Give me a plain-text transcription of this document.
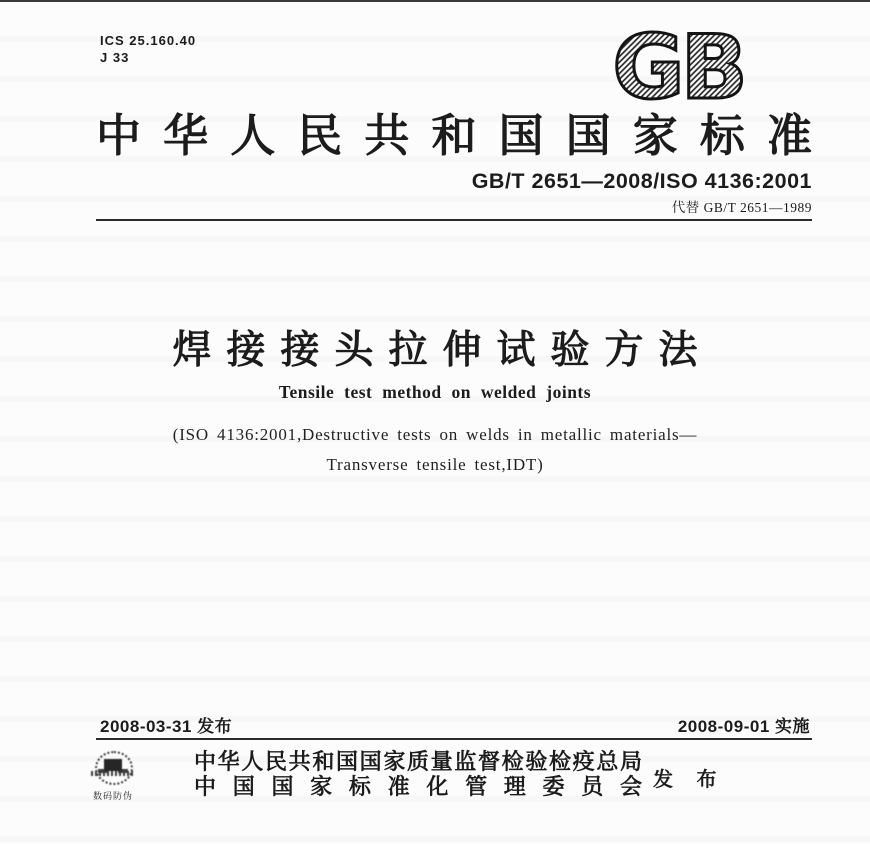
ICS 25.160.40
J 33	GB
中华人民共和国国家标准
GB/T 2651—2008/ISO 4136:2001
代替 GB/T 2651—1989
焊接接头拉伸试验方法
Tensile test method on welded joints
(ISO 4136:2001,Destructive tests on welds in metallic materials—
Transverse tensile test,IDT)
2008-03-31 发布	2008-09-01 实施
数码防伪
中华人民共和国国家质量监督检验检疫总局
中国国家标准化管理委员会 发 布
